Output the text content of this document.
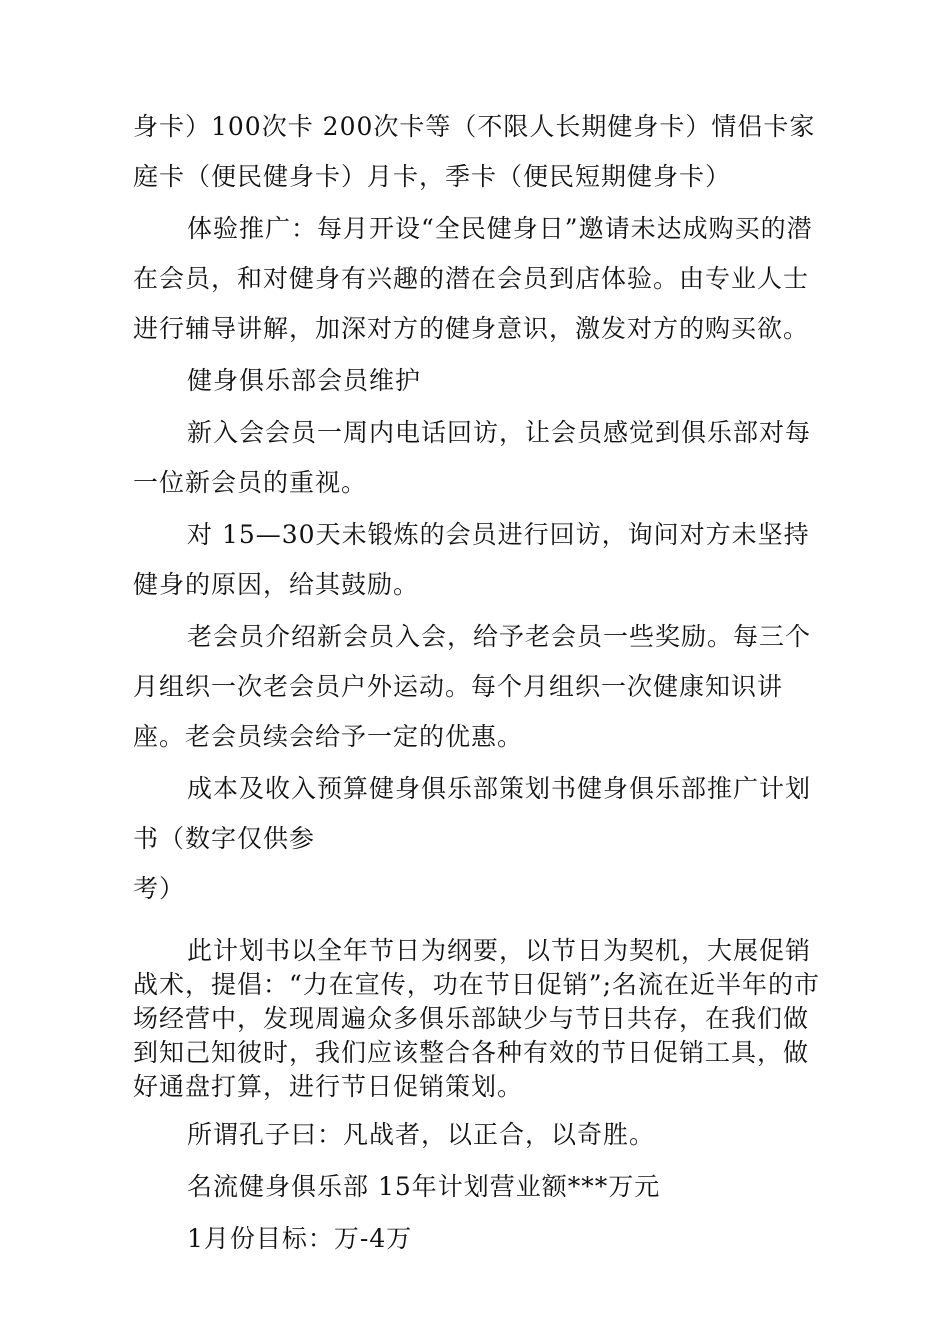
身卡）100次卡 200次卡等（不限人长期健身卡）情侣卡家庭卡（便民健身卡）月卡，季卡（便民短期健身卡）

体验推广：每月开设“全民健身日”邀请未达成购买的潜在会员，和对健身有兴趣的潜在会员到店体验。由专业人士进行辅导讲解，加深对方的健身意识，激发对方的购买欲。

健身俱乐部会员维护

新入会会员一周内电话回访，让会员感觉到俱乐部对每一位新会员的重视。

对 15—30天未锻炼的会员进行回访，询问对方未坚持健身的原因，给其鼓励。

老会员介绍新会员入会，给予老会员一些奖励。每三个月组织一次老会员户外运动。每个月组织一次健康知识讲座。老会员续会给予一定的优惠。

成本及收入预算健身俱乐部策划书健身俱乐部推广计划书（数字仅供参

考）

此计划书以全年节日为纲要，以节日为契机，大展促销战术，提倡：“力在宣传，功在节日促销”;名流在近半年的市场经营中，发现周遍众多俱乐部缺少与节日共存，在我们做到知己知彼时，我们应该整合各种有效的节日促销工具，做好通盘打算，进行节日促销策划。

所谓孔子曰：凡战者，以正合，以奇胜。

名流健身俱乐部 15年计划营业额***万元

1月份目标：万-4万
